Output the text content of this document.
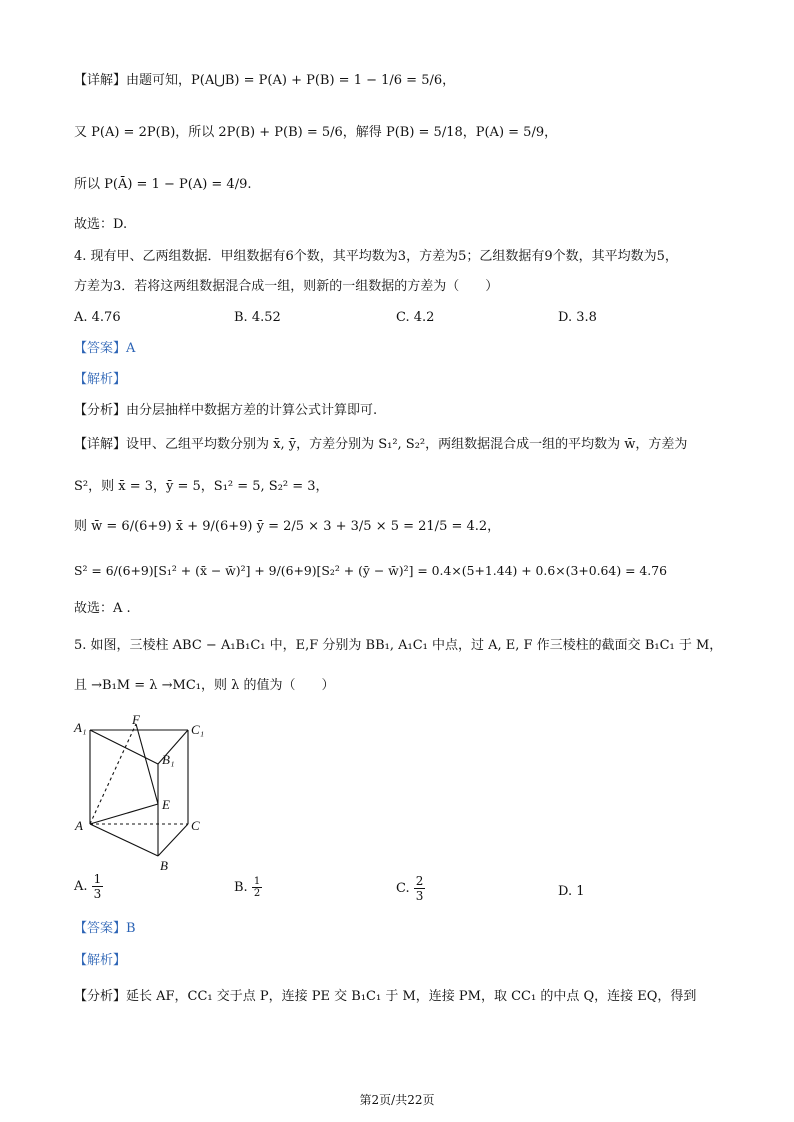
【详解】由题可知，P(A⋃B) = P(A) + P(B) = 1 − 1/6 = 5/6，
又 P(A) = 2P(B)，所以 2P(B) + P(B) = 5/6，解得 P(B) = 5/18，P(A) = 5/9，
所以 P(Ā) = 1 − P(A) = 4/9.
故选：D.
4. 现有甲、乙两组数据．甲组数据有6个数，其平均数为3，方差为5；乙组数据有9个数，其平均数为5，
方差为3．若将这两组数据混合成一组，则新的一组数据的方差为（　　）
A. 4.76	B. 4.52	C. 4.2	D. 3.8
【答案】A
【解析】
【分析】由分层抽样中数据方差的计算公式计算即可.
【详解】设甲、乙组平均数分别为 x̄, ȳ，方差分别为 S₁², S₂²，两组数据混合成一组的平均数为 w̄，方差为
S²，则 x̄ = 3，ȳ = 5，S₁² = 5, S₂² = 3，
则 w̄ = 6/(6+9) x̄ + 9/(6+9) ȳ = 2/5 × 3 + 3/5 × 5 = 21/5 = 4.2，
S² = 6/(6+9)[S₁² + (x̄ − w̄)²] + 9/(6+9)[S₂² + (ȳ − w̄)²] = 0.4×(5+1.44) + 0.6×(3+0.64) = 4.76
故选：A .
5. 如图，三棱柱 ABC − A₁B₁C₁ 中，E,F 分别为 BB₁, A₁C₁ 中点，过 A, E, F 作三棱柱的截面交 B₁C₁ 于 M，
且 →B₁M = λ →MC₁，则 λ 的值为（　　）
A₁
F
C₁
B₁
E
A	C
B
A. $\frac{1}{3}$	B. $\frac{1}{2}$	C. $\frac{2}{3}$	D. 1
【答案】B
【解析】
【分析】延长 AF，CC₁ 交于点 P，连接 PE 交 B₁C₁ 于 M，连接 PM，取 CC₁ 的中点 Q，连接 EQ，得到
第2页/共22页
